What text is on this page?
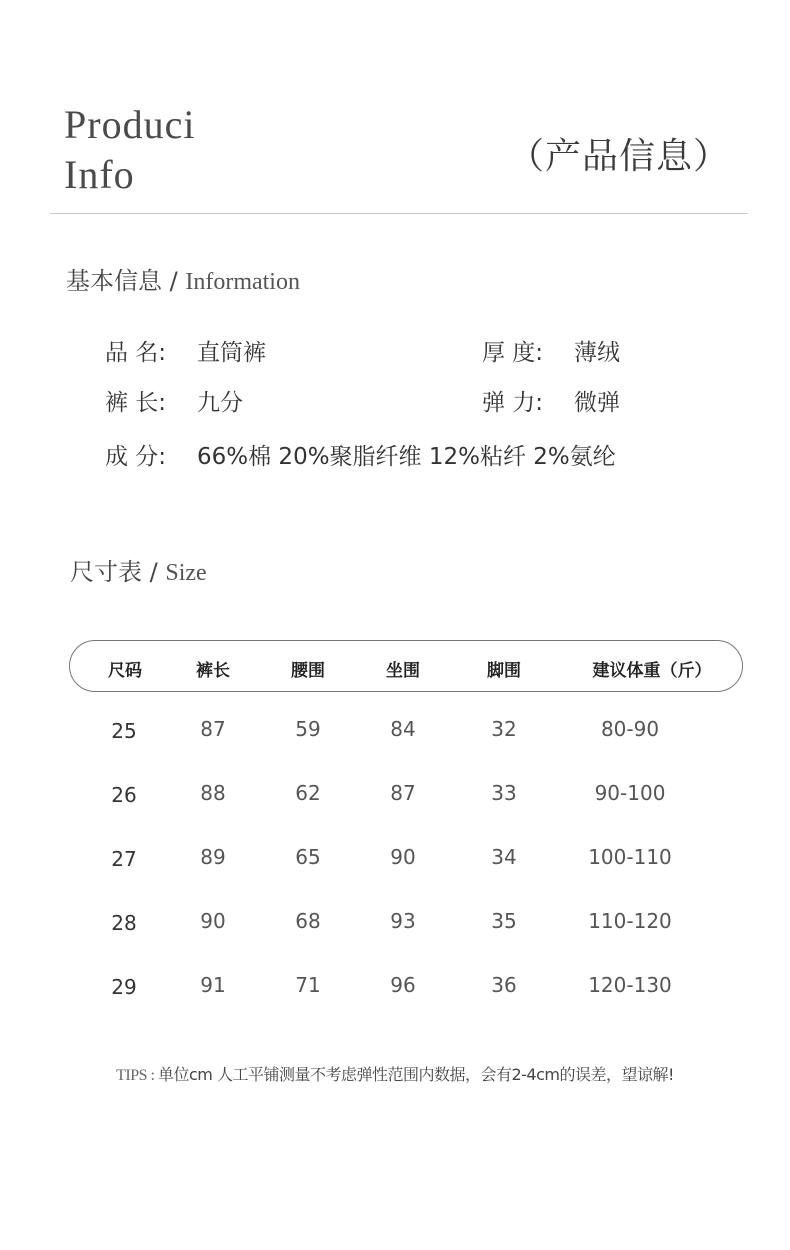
Produci
Info	（产品信息）
基本信息 / Information
品 名: 直筒裤	厚 度: 薄绒
裤 长: 九分	弹 力: 微弹
成 分: 66%棉 20%聚脂纤维 12%粘纤 2%氨纶
尺寸表 / Size
尺码	裤长	腰围	坐围	脚围	建议体重（斤）
25	87	59	84	32	80-90
26	88	62	87	33	90-100
27	89	65	90	34	100-110
28	90	68	93	35	110-120
29	91	71	96	36	120-130
TIPS : 单位cm 人工平铺测量不考虑弹性范围内数据，会有2-4cm的误差，望谅解!
